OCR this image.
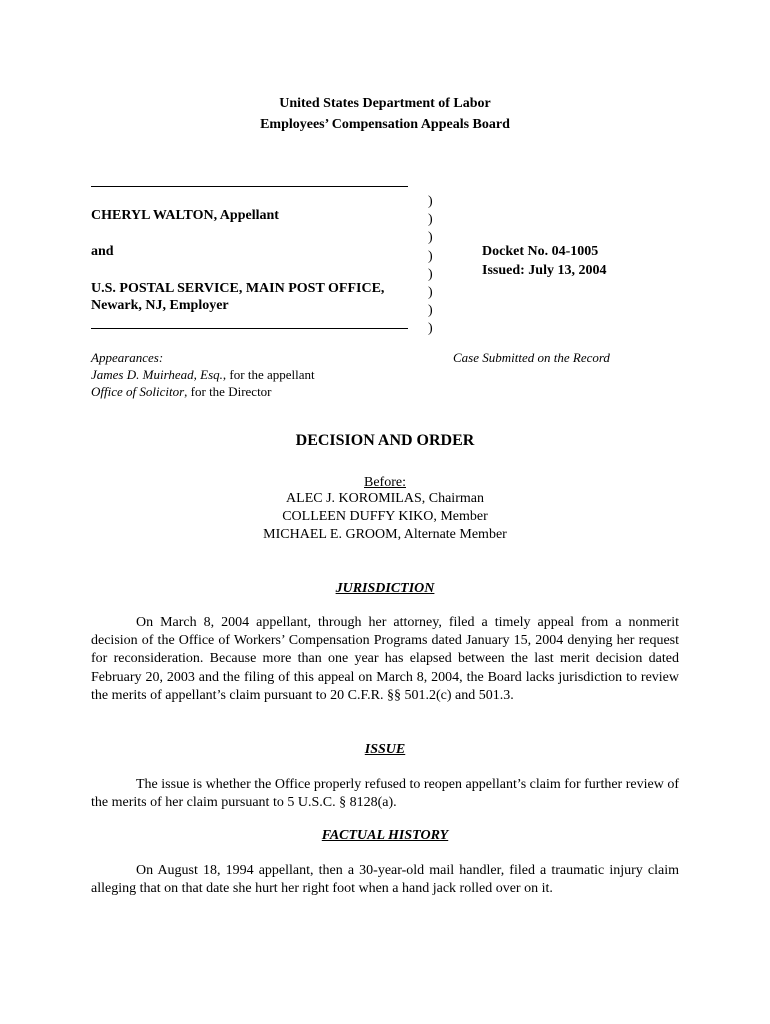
United States Department of Labor
Employees’ Compensation Appeals Board
CHERYL WALTON, Appellant
and
U.S. POSTAL SERVICE, MAIN POST OFFICE,
Newark, NJ, Employer
)
)
)
)
)
)
)
)
Docket No. 04-1005
Issued: July 13, 2004
Appearances:
James D. Muirhead, Esq., for the appellant
Office of Solicitor, for the Director
Case Submitted on the Record
DECISION AND ORDER
Before:
ALEC J. KOROMILAS, Chairman
COLLEEN DUFFY KIKO, Member
MICHAEL E. GROOM, Alternate Member
JURISDICTION
On March 8, 2004 appellant, through her attorney, filed a timely appeal from a nonmerit decision of the Office of Workers’ Compensation Programs dated January 15, 2004 denying her request for reconsideration. Because more than one year has elapsed between the last merit decision dated February 20, 2003 and the filing of this appeal on March 8, 2004, the Board lacks jurisdiction to review the merits of appellant’s claim pursuant to 20 C.F.R. §§ 501.2(c) and 501.3.
ISSUE
The issue is whether the Office properly refused to reopen appellant’s claim for further review of the merits of her claim pursuant to 5 U.S.C. § 8128(a).
FACTUAL HISTORY
On August 18, 1994 appellant, then a 30-year-old mail handler, filed a traumatic injury claim alleging that on that date she hurt her right foot when a hand jack rolled over on it.
